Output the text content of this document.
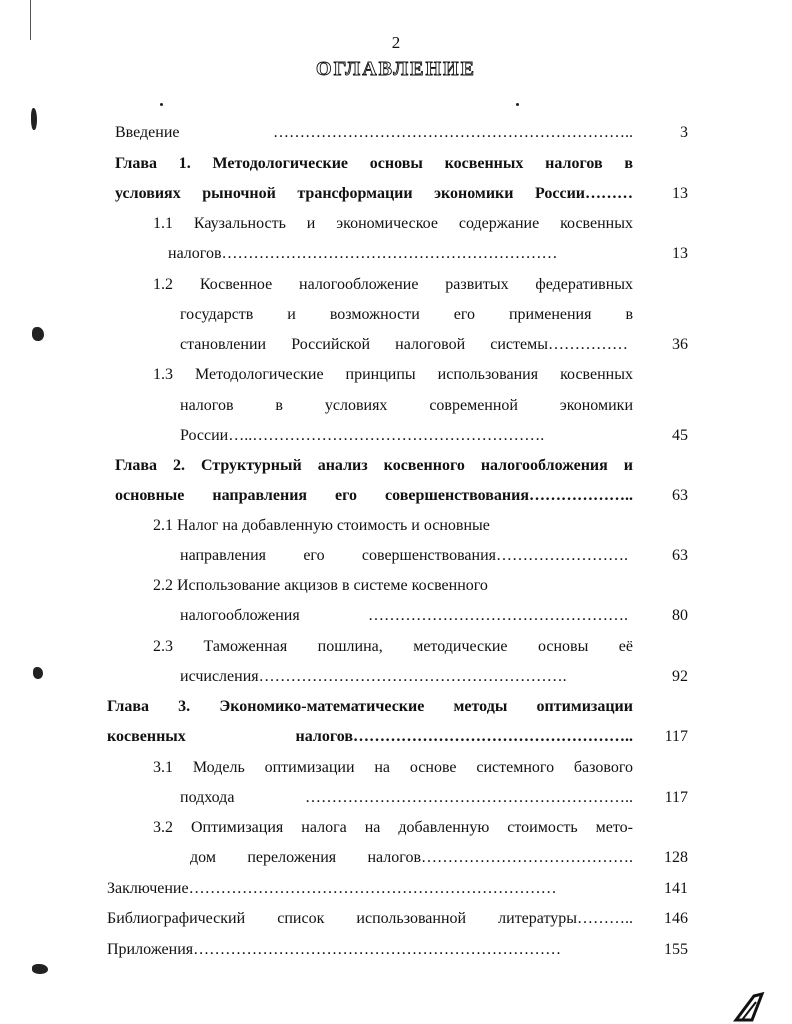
2
ОГЛАВЛЕНИЕ
Введение …………………………………………………………..	3
Глава 1. Методологические основы косвенных налогов в
условиях рыночной трансформации экономики России………	13
1.1 Каузальность и экономическое содержание косвенных
налогов………………………………………………………	13
1.2 Косвенное налогообложение развитых федеративных
государств и возможности его применения в
становлении Российской налоговой системы……………	36
1.3 Методологические принципы использования косвенных
налогов в условиях современной экономики
России…..……………………………………………….	45
Глава 2. Структурный анализ косвенного налогообложения и
основные направления его совершенствования………………..	63
2.1 Налог на добавленную стоимость и основные
направления его совершенствования…………………….	63
2.2 Использование акцизов в системе косвенного
налогообложения ………………………………………….	80
2.3 Таможенная пошлина, методические основы её
исчисления………………………………………………….	92
Глава 3. Экономико-математические методы оптимизации
косвенных налогов……………………………………………..	117
3.1 Модель оптимизации на основе системного базового
подхода ……………………………………………………..	117
3.2 Оптимизация налога на добавленную стоимость мето-
дом переложения налогов………………………………….	128
Заключение……………………………………………………………	141
Библиографический список использованной литературы………..	146
Приложения……………………………………………………………	155
